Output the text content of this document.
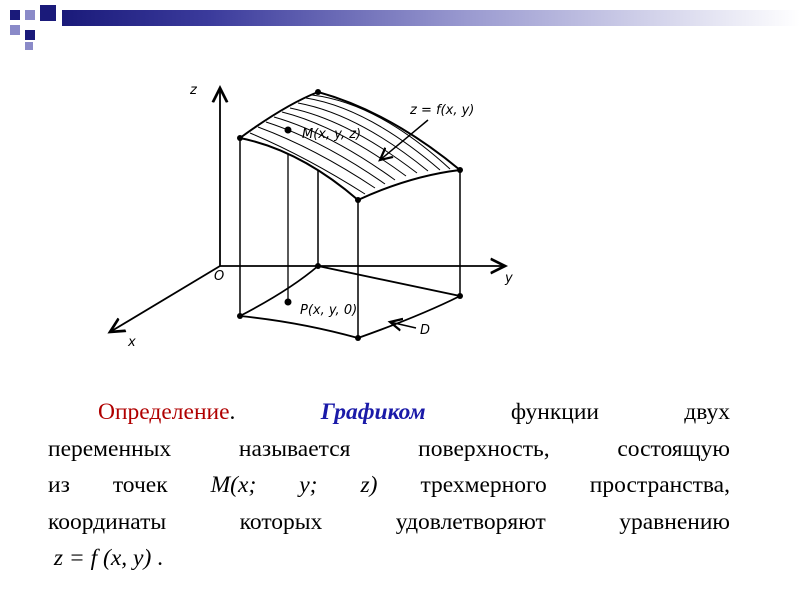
z
y
x
O
z = f(x, y)
M(x, y, z)
P(x, y, 0)
D

Определение.	Графиком	функции двух

переменных называется поверхность, состоящую

из точек M(x; y; z) трехмерного пространства,

координаты которых удовлетворяют уравнению

z = f (x, y) .
